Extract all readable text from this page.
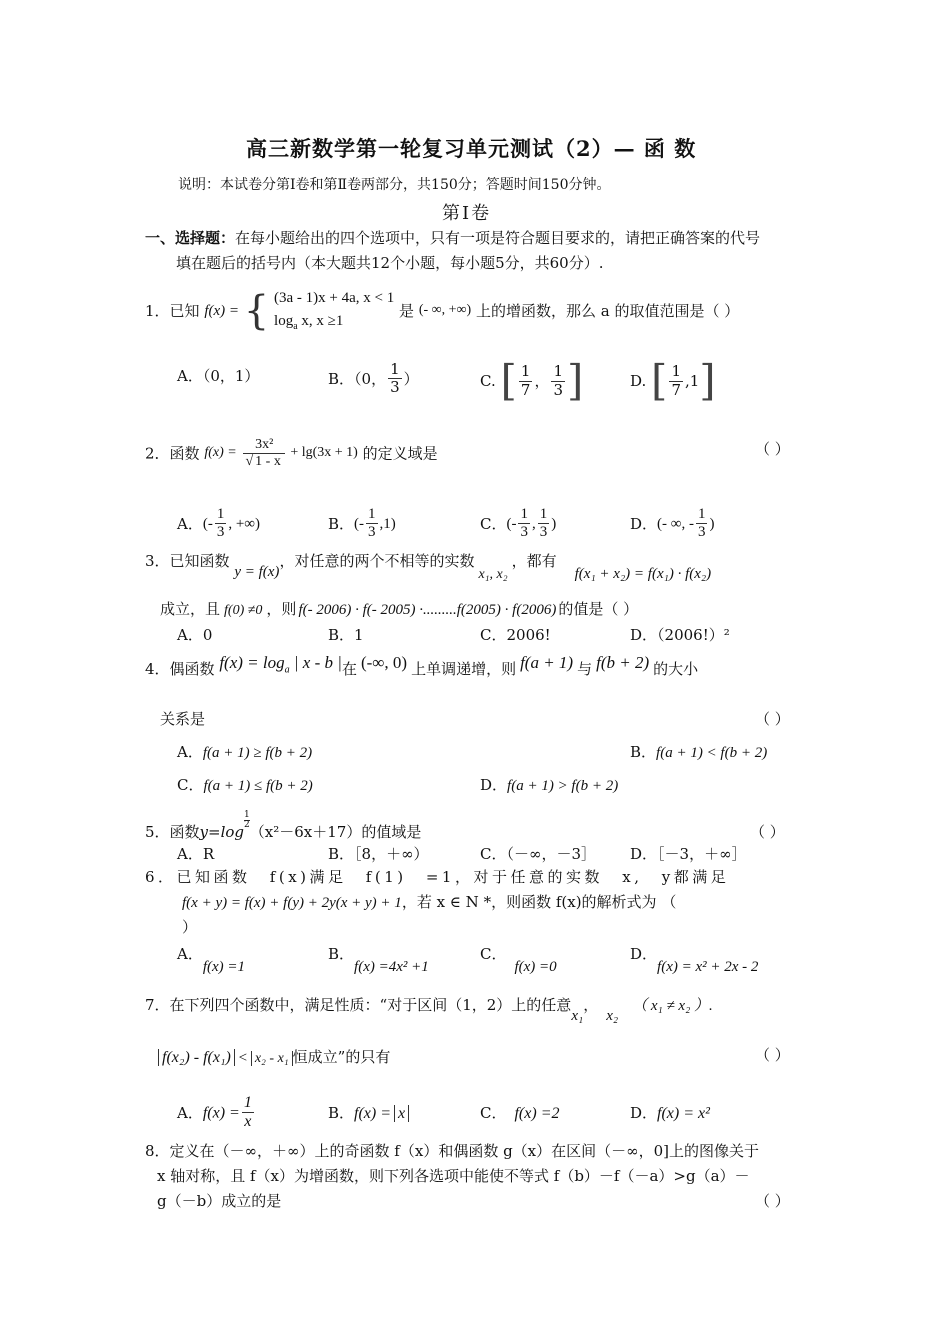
高三新数学第一轮复习单元测试（2）— 函 数
说明：本试卷分第Ⅰ卷和第Ⅱ卷两部分，共150分；答题时间150分钟。
第Ⅰ卷
一、选择题：在每小题给出的四个选项中，只有一项是符合题目要求的，请把正确答案的代号
填在题后的括号内（本大题共12个小题，每小题5分，共60分）.
1．已知 f(x) = { (3a - 1)x + 4a, x < 1
$\log_a x$, x ≥1
是 (- ∞, +∞) 上的增函数，那么 a 的取值范围是（ ）
A．（0，1）	B．（0， $\frac{1}{3}$ ）	C. [ $\frac{1}{7}$ ， $\frac{1}{3}$ ]	D. [ $\frac{1}{7} ,1$]
2．函数 $f(x) = \frac{\text{3x²}}{√ 1 - x} + \lg(3x + 1)$ 的定义域是	（ ）
A．(- $\frac{1}{3}$ , +∞)	B．(- $\frac{1}{3} ,1$)	C．(- $\frac{1}{3}$ , $\frac{1}{3}$ )	D．(- ∞, - $\frac{1}{3}$ )
3．已知函数 y = f(x)，对任意的两个不相等的实数x₁, x₂，都有f(x₁ + x₂) = f(x₁) · f(x₂)
成立，且 f(0) ≠0 ，则 f(- 2006) · f(- 2005) ·.........f(2005) · f(2006) 的值是（ ）
A．0	B．1	C．2006!	D．（2006!）²
4．偶函数 $f(x) = \log_a$ | x - b |在 (-∞, 0) 上单调递增，则 f(a + 1) 与 f(b + 2) 的大小
关系是	（ ）
A．f(a + 1) ≥ f(b + 2)	B．f(a + 1) < f(b + 2)
C．f(a + 1) ≤ f(b + 2)	D．f(a + 1) > f(b + 2)
5．函数y=log
$\frac{1}{2}$
（x²－6x＋17）的值域是	（ ）
A．R	B．［8，＋∞）	C．（－∞，－3］ D．［－3，＋∞］
6．已知函数 f(x)满足 f(1) =1，对于任意的实数 x, y都满足
f(x + y) = f(x) + f(y) + 2y(x + y) + 1，若 x ∈ N *，则函数 f(x)的解析式为 （
）
A．f(x) =1
B．f(x) =4x² +1
C．f(x) =0
D．f(x) = x² + 2x - 2
7．在下列四个函数中，满足性质：“对于区间（1，2）上的任意x₁，x₂（ x₁ ≠ x₂ ）.
f(x₂) - f(x₁) < x₂ - x₁ 恒成立”的只有	（ ）
A．$f(x) = \frac{1}{x}$	B．f(x) = x	C． f(x) =2	D．f(x) = x²
8．定义在（－∞，＋∞）上的奇函数 f（x）和偶函数 g（x）在区间（－∞，0]上的图像关于
x 轴对称，且 f（x）为增函数，则下列各选项中能使不等式 f（b）－f（－a）>g（a）－
g（－b）成立的是	（ ）
